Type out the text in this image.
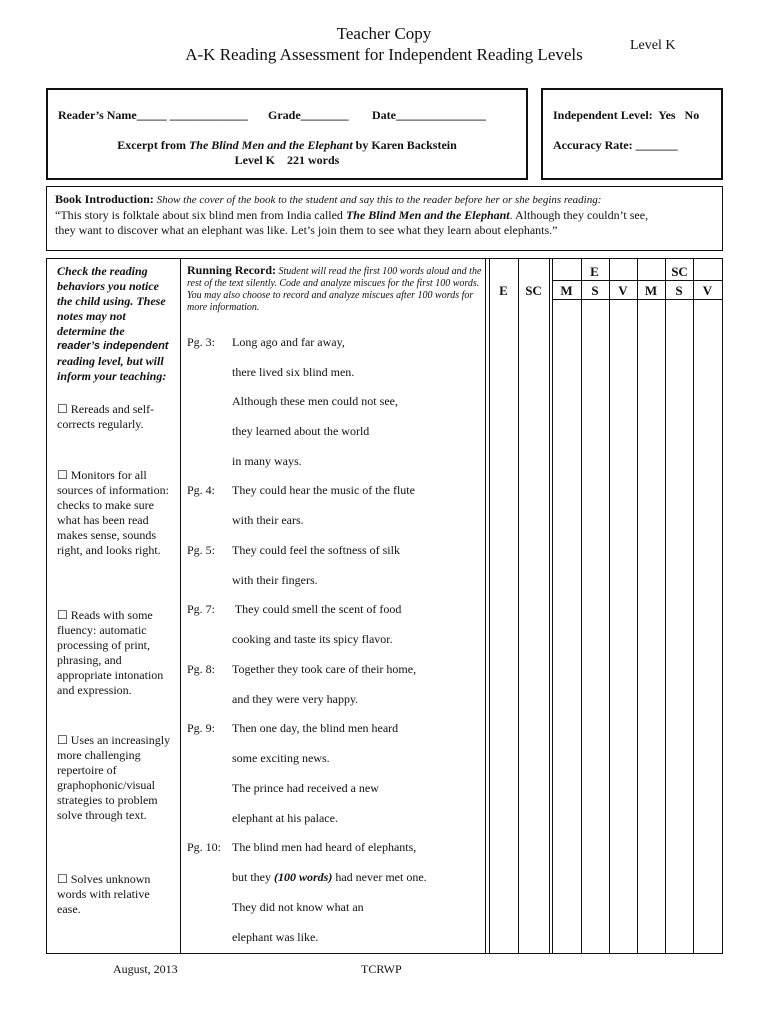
Teacher Copy
A-K Reading Assessment for Independent Reading Levels	Level K
Reader’s Name_____ _____________ Grade________ Date_______________
Excerpt from The Blind Men and the Elephant by Karen Backstein
Level K    221 words
Independent Level:  Yes   No
Accuracy Rate: _______
Book Introduction: Show the cover of the book to the student and say this to the reader before her or she begins reading:
“This story is folktale about six blind men from India called The Blind Men and the Elephant. Although they couldn’t see,
they want to discover what an elephant was like. Let’s join them to see what they learn about elephants.”
E	SC
E	SC	M	S	V	M	S	V
Check the reading behaviors you notice the child using. These notes may not determine the
reader’s independent
reading level, but will inform your teaching:
☐ Rereads and self-corrects regularly.
☐ Monitors for all sources of information: checks to make sure what has been read makes sense, sounds right, and looks right.
☐ Reads with some fluency: automatic processing of print, phrasing, and appropriate intonation and expression.
☐ Uses an increasingly more challenging repertoire of graphophonic/visual strategies to problem solve through text.
☐ Solves unknown words with relative ease.
Running Record: Student will read the first 100 words aloud and the rest of the text silently. Code and analyze miscues for the first 100 words. You may also choose to record and analyze miscues after 100 words for more information.
Pg. 3: Long ago and far away,
there lived six blind men.
Although these men could not see,
they learned about the world
in many ways.
Pg. 4: They could hear the music of the flute
with their ears.
Pg. 5: They could feel the softness of silk
with their fingers.
Pg. 7: They could smell the scent of food
cooking and taste its spicy flavor.
Pg. 8: Together they took care of their home,
and they were very happy.
Pg. 9: Then one day, the blind men heard
some exciting news.
The prince had received a new
elephant at his palace.
Pg. 10: The blind men had heard of elephants,
but they (100 words) had never met one.
They did not know what an
elephant was like.
August, 2013	TCRWP
